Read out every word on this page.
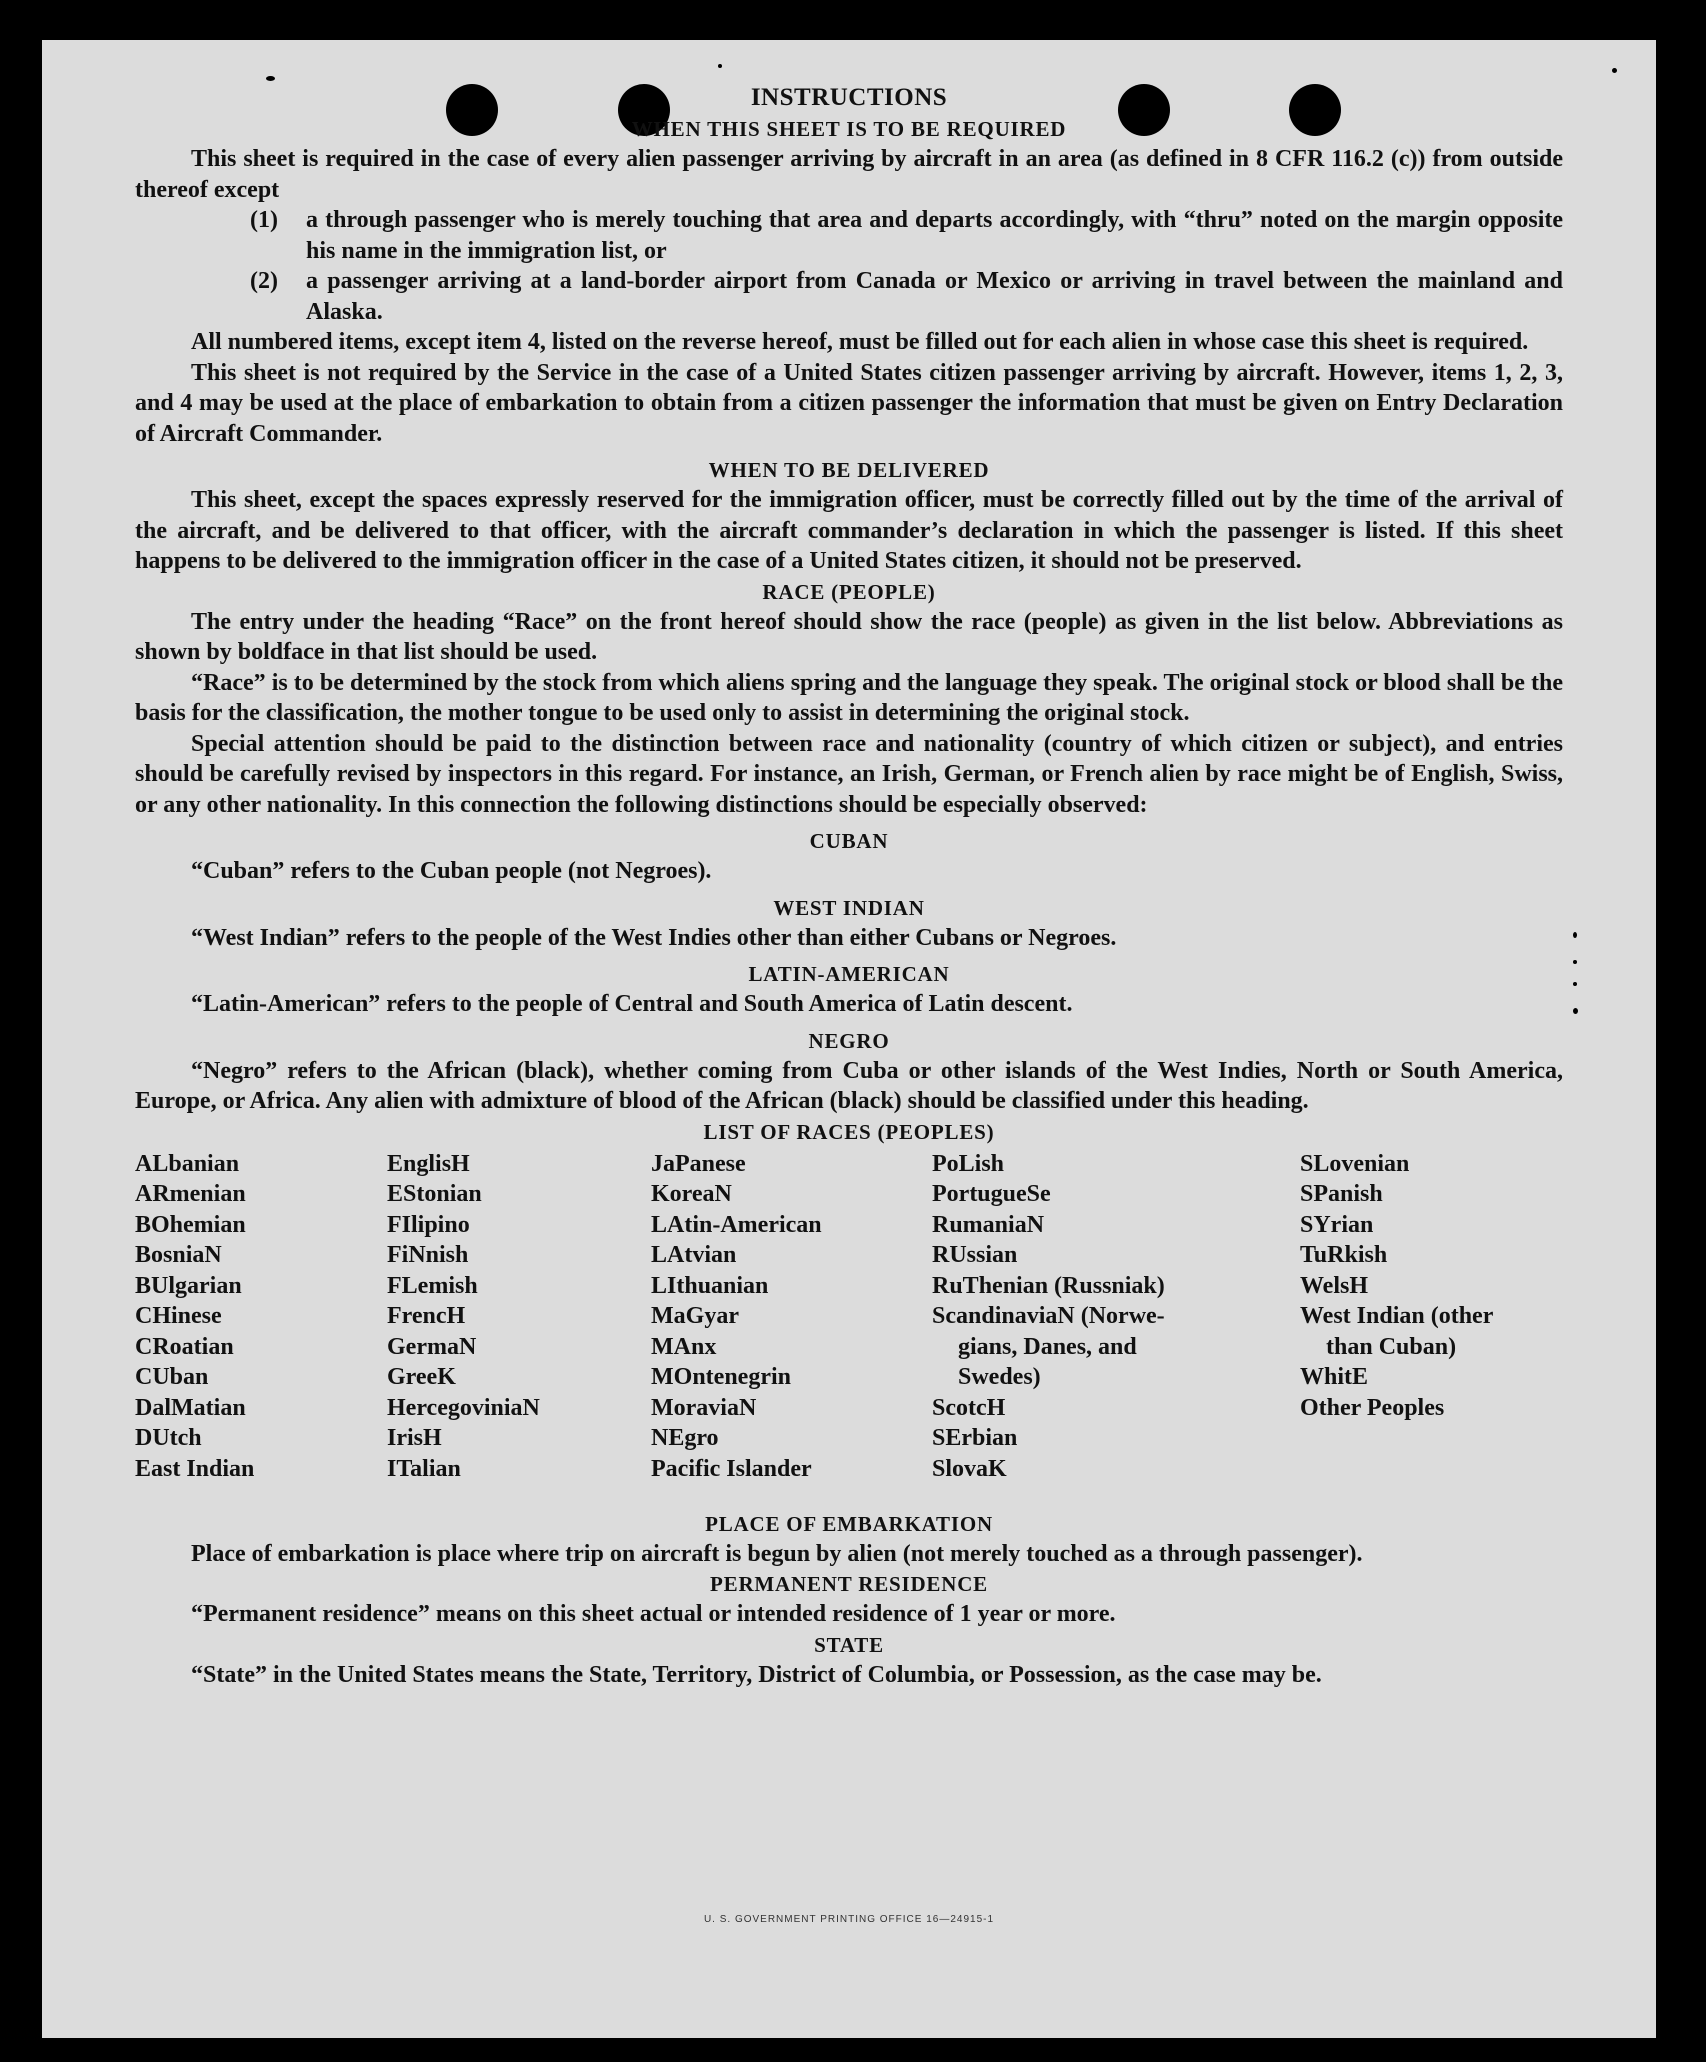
INSTRUCTIONS
WHEN THIS SHEET IS TO BE REQUIRED

This sheet is required in the case of every alien passenger arriving by aircraft in an area (as defined in 8 CFR 116.2 (c)) from outside thereof except

(1)	a through passenger who is merely touching that area and departs accordingly, with “thru” noted on the margin opposite his name in the immigration list, or

(2)	a passenger arriving at a land-border airport from Canada or Mexico or arriving in travel between the mainland and Alaska.

All numbered items, except item 4, listed on the reverse hereof, must be filled out for each alien in whose case this sheet is required.

This sheet is not required by the Service in the case of a United States citizen passenger arriving by aircraft. However, items 1, 2, 3, and 4 may be used at the place of embarkation to obtain from a citizen passenger the information that must be given on Entry Declaration of Aircraft Commander.

WHEN TO BE DELIVERED

This sheet, except the spaces expressly reserved for the immigration officer, must be correctly filled out by the time of the arrival of the aircraft, and be delivered to that officer, with the aircraft commander’s declaration in which the passenger is listed. If this sheet happens to be delivered to the immigration officer in the case of a United States citizen, it should not be preserved.

RACE (PEOPLE)

The entry under the heading “Race” on the front hereof should show the race (people) as given in the list below. Abbreviations as shown by boldface in that list should be used.

“Race” is to be determined by the stock from which aliens spring and the language they speak. The original stock or blood shall be the basis for the classification, the mother tongue to be used only to assist in determining the original stock.

Special attention should be paid to the distinction between race and nationality (country of which citizen or subject), and entries should be carefully revised by inspectors in this regard. For instance, an Irish, German, or French alien by race might be of English, Swiss, or any other nationality. In this connection the following distinctions should be especially observed:

CUBAN

“Cuban” refers to the Cuban people (not Negroes).

WEST INDIAN

“West Indian” refers to the people of the West Indies other than either Cubans or Negroes.

LATIN-AMERICAN

“Latin-American” refers to the people of Central and South America of Latin descent.

NEGRO

“Negro” refers to the African (black), whether coming from Cuba or other islands of the West Indies, North or South America, Europe, or Africa. Any alien with admixture of blood of the African (black) should be classified under this heading.

LIST OF RACES (PEOPLES)
ALbanian
ARmenian
BOhemian
BosniaN
BUlgarian
CHinese
CRoatian
CUban
DalMatian
DUtch
East Indian
EnglisH
EStonian
FIlipino
FiNnish
FLemish
FrencH
GermaN
GreeK
HercegoviniaN
IrisH
ITalian
JaPanese
KoreaN
LAtin-American
LAtvian
LIthuanian
MaGyar
MAnx
MOntenegrin
MoraviaN
NEgro
Pacific Islander
PoLish
PortugueSe
RumaniaN
RUssian
RuThenian (Russniak)
ScandinaviaN (Norwe-
gians, Danes, and
Swedes)
ScotcH
SErbian
SlovaK
SLovenian
SPanish
SYrian
TuRkish
WelsH
West Indian (other
than Cuban)
WhitE
Other Peoples
PLACE OF EMBARKATION

Place of embarkation is place where trip on aircraft is begun by alien (not merely touched as a through passenger).

PERMANENT RESIDENCE

“Permanent residence” means on this sheet actual or intended residence of 1 year or more.

STATE

“State” in the United States means the State, Territory, District of Columbia, or Possession, as the case may be.

U. S. GOVERNMENT PRINTING OFFICE 16—24915-1
